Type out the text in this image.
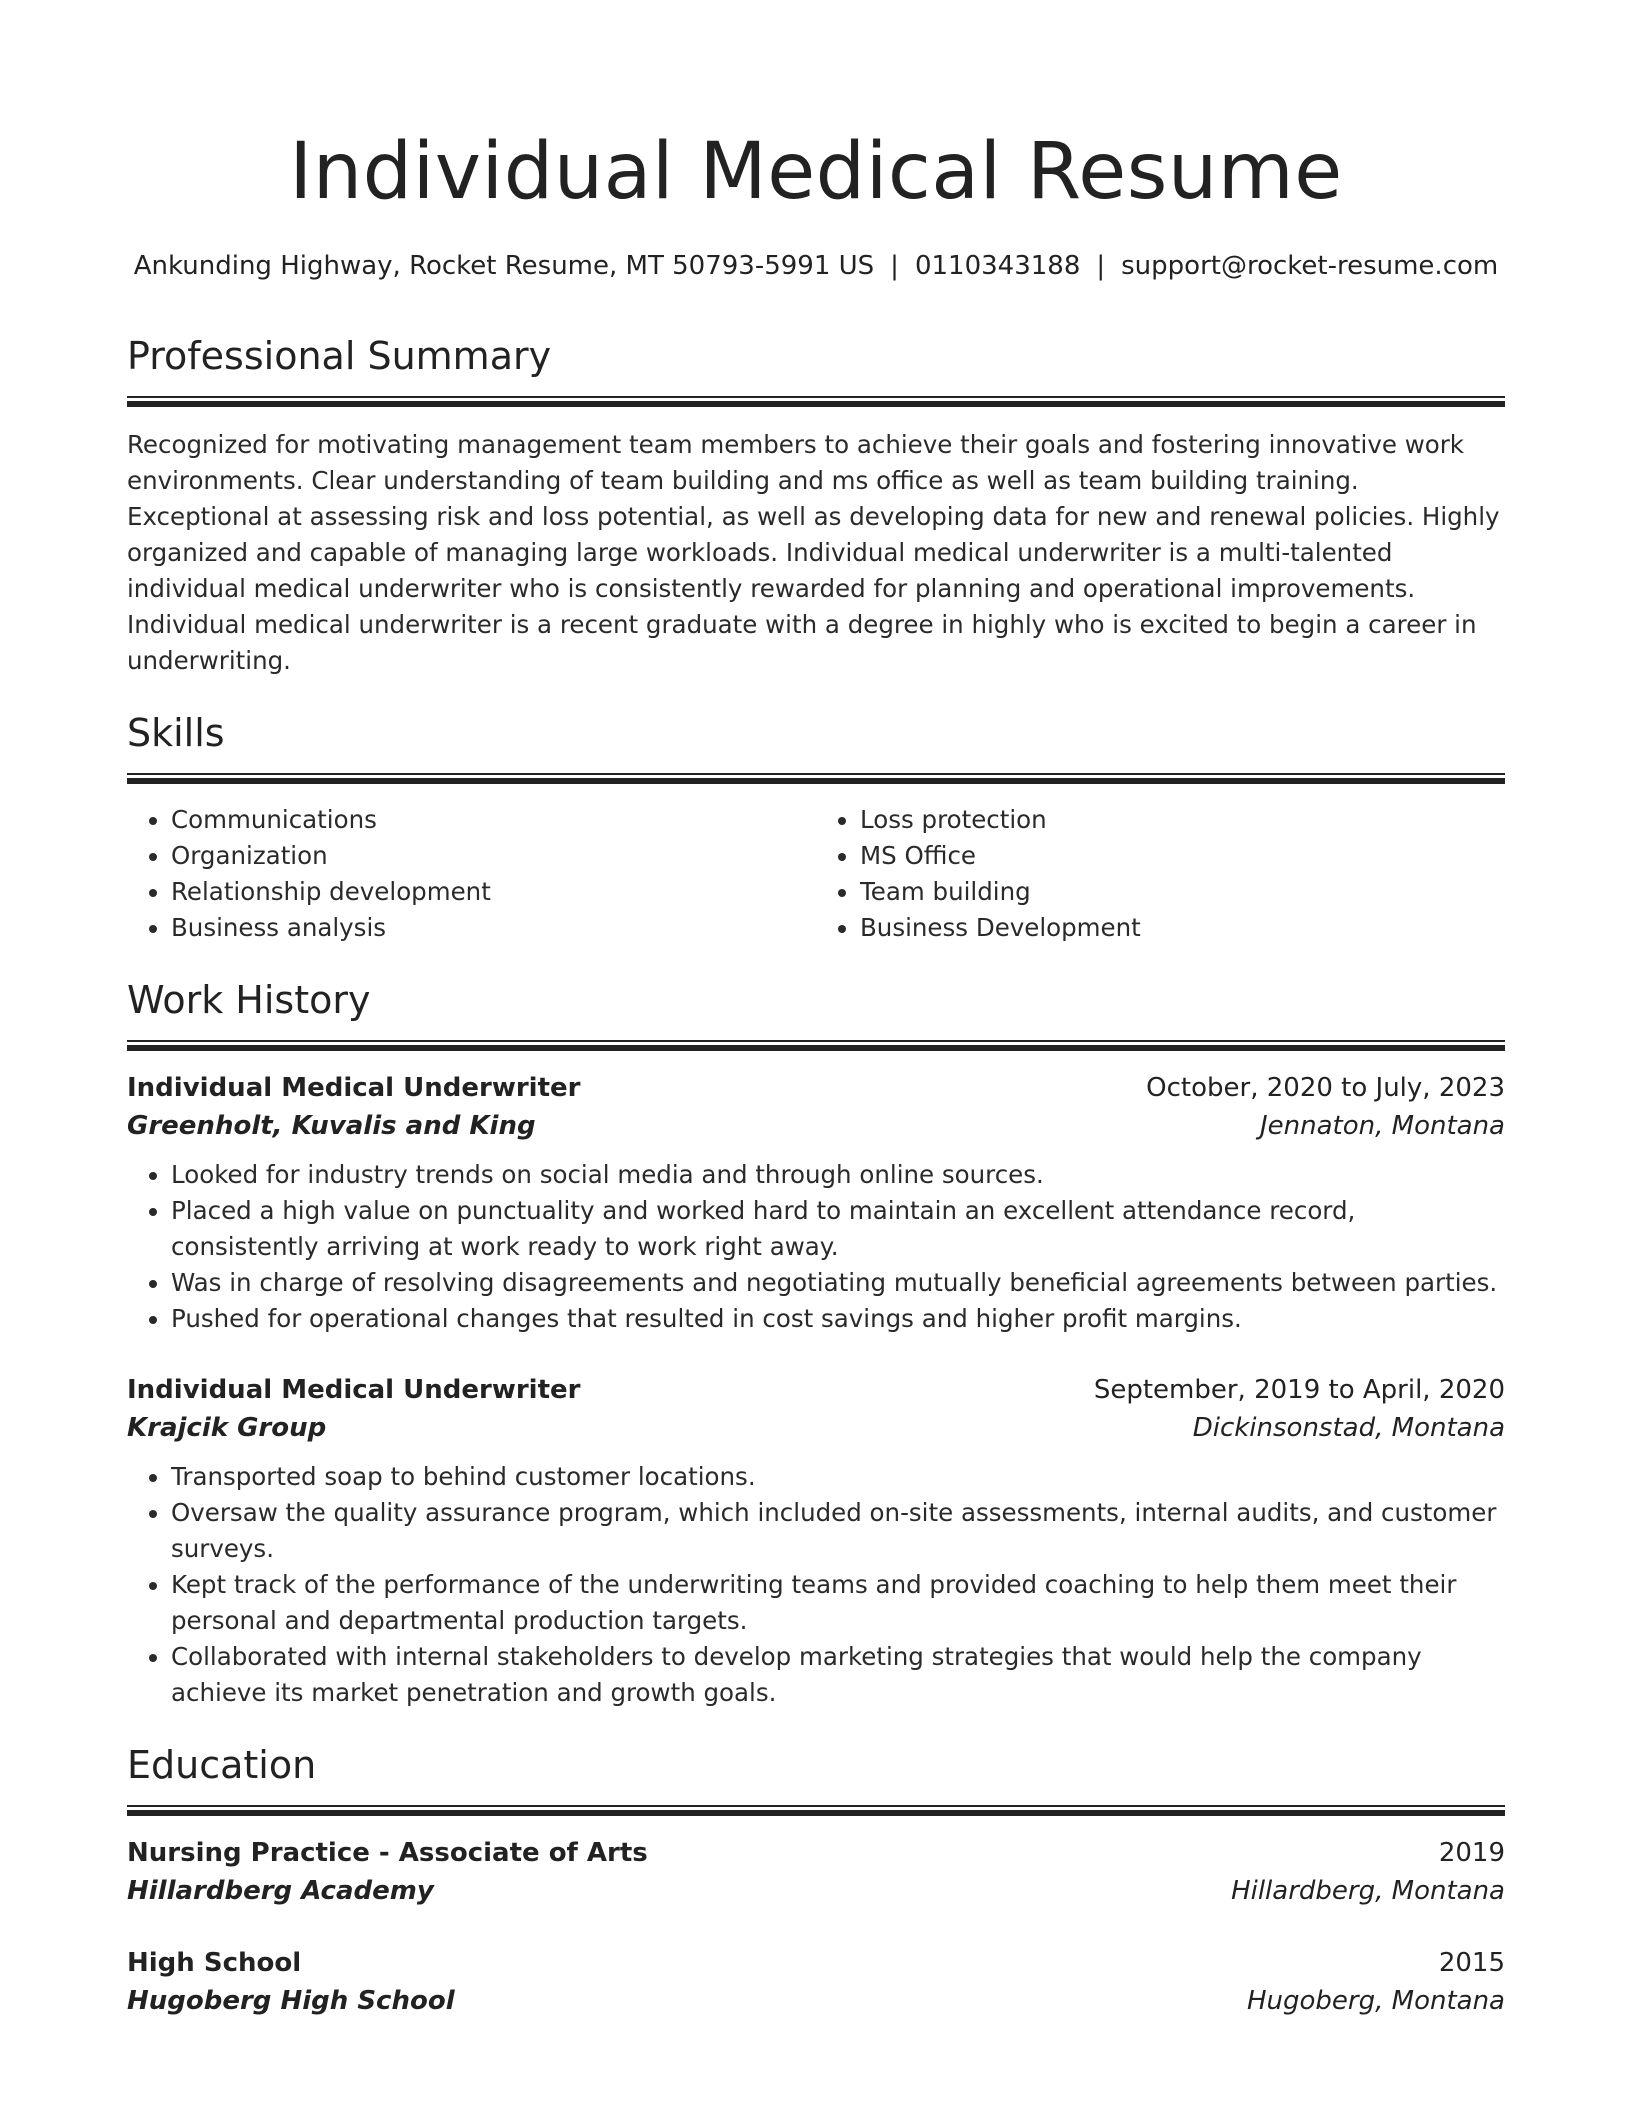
Individual Medical Resume
Ankunding Highway, Rocket Resume, MT 50793-5991 US | 0110343188 | support@rocket-resume.com
Professional Summary

Recognized for motivating management team members to achieve their goals and fostering innovative work environments. Clear understanding of team building and ms office as well as team building training. Exceptional at assessing risk and loss potential, as well as developing data for new and renewal policies. Highly organized and capable of managing large workloads. Individual medical underwriter is a multi-talented individual medical underwriter who is consistently rewarded for planning and operational improvements. Individual medical underwriter is a recent graduate with a degree in highly who is excited to begin a career in underwriting.

Skills
• Communications
• Organization
• Relationship development
• Business analysis
• Loss protection
• MS Office
• Team building
• Business Development
Work History
Individual Medical Underwriter	October, 2020 to July, 2023
Greenholt, Kuvalis and King	Jennaton, Montana
• Looked for industry trends on social media and through online sources.
• Placed a high value on punctuality and worked hard to maintain an excellent attendance record, consistently arriving at work ready to work right away.
• Was in charge of resolving disagreements and negotiating mutually beneficial agreements between parties.
• Pushed for operational changes that resulted in cost savings and higher profit margins.
Individual Medical Underwriter	September, 2019 to April, 2020
Krajcik Group	Dickinsonstad, Montana
• Transported soap to behind customer locations.
• Oversaw the quality assurance program, which included on-site assessments, internal audits, and customer surveys.
• Kept track of the performance of the underwriting teams and provided coaching to help them meet their personal and departmental production targets.
• Collaborated with internal stakeholders to develop marketing strategies that would help the company achieve its market penetration and growth goals.
Education
Nursing Practice - Associate of Arts	2019
Hillardberg Academy	Hillardberg, Montana
High School	2015
Hugoberg High School	Hugoberg, Montana
